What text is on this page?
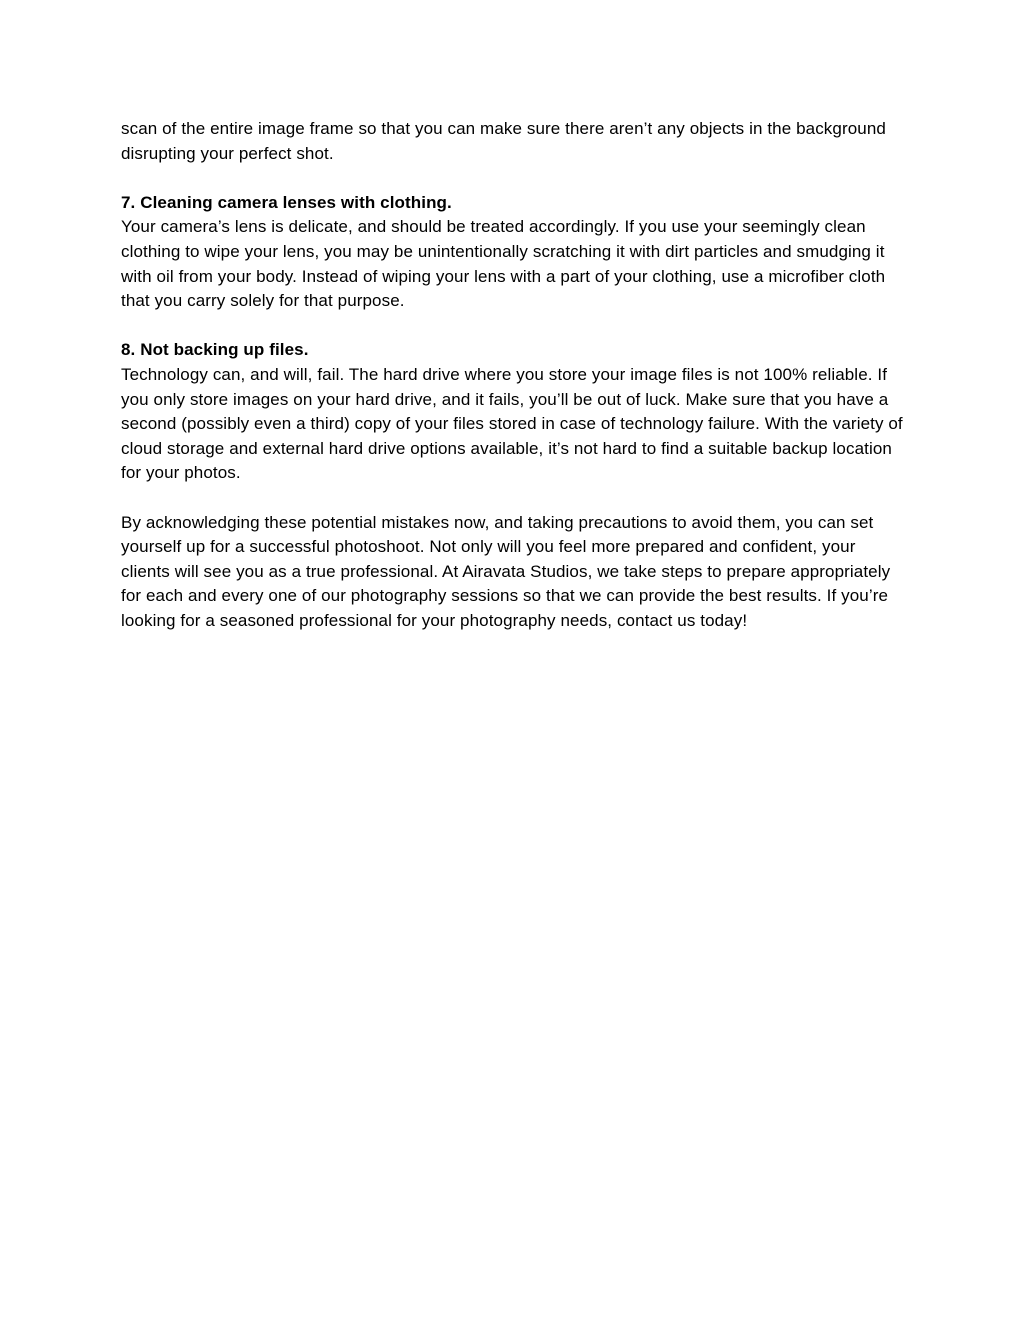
scan of the entire image frame so that you can make sure there aren’t any objects in the background disrupting your perfect shot.

7. Cleaning camera lenses with clothing.

Your camera’s lens is delicate, and should be treated accordingly. If you use your seemingly clean clothing to wipe your lens, you may be unintentionally scratching it with dirt particles and smudging it with oil from your body. Instead of wiping your lens with a part of your clothing, use a microfiber cloth that you carry solely for that purpose.

8. Not backing up files.

Technology can, and will, fail. The hard drive where you store your image files is not 100% reliable. If you only store images on your hard drive, and it fails, you’ll be out of luck. Make sure that you have a second (possibly even a third) copy of your files stored in case of technology failure. With the variety of cloud storage and external hard drive options available, it’s not hard to find a suitable backup location for your photos.

By acknowledging these potential mistakes now, and taking precautions to avoid them, you can set yourself up for a successful photoshoot. Not only will you feel more prepared and confident, your clients will see you as a true professional. At Airavata Studios, we take steps to prepare appropriately for each and every one of our photography sessions so that we can provide the best results. If you’re looking for a seasoned professional for your photography needs, contact us today!
